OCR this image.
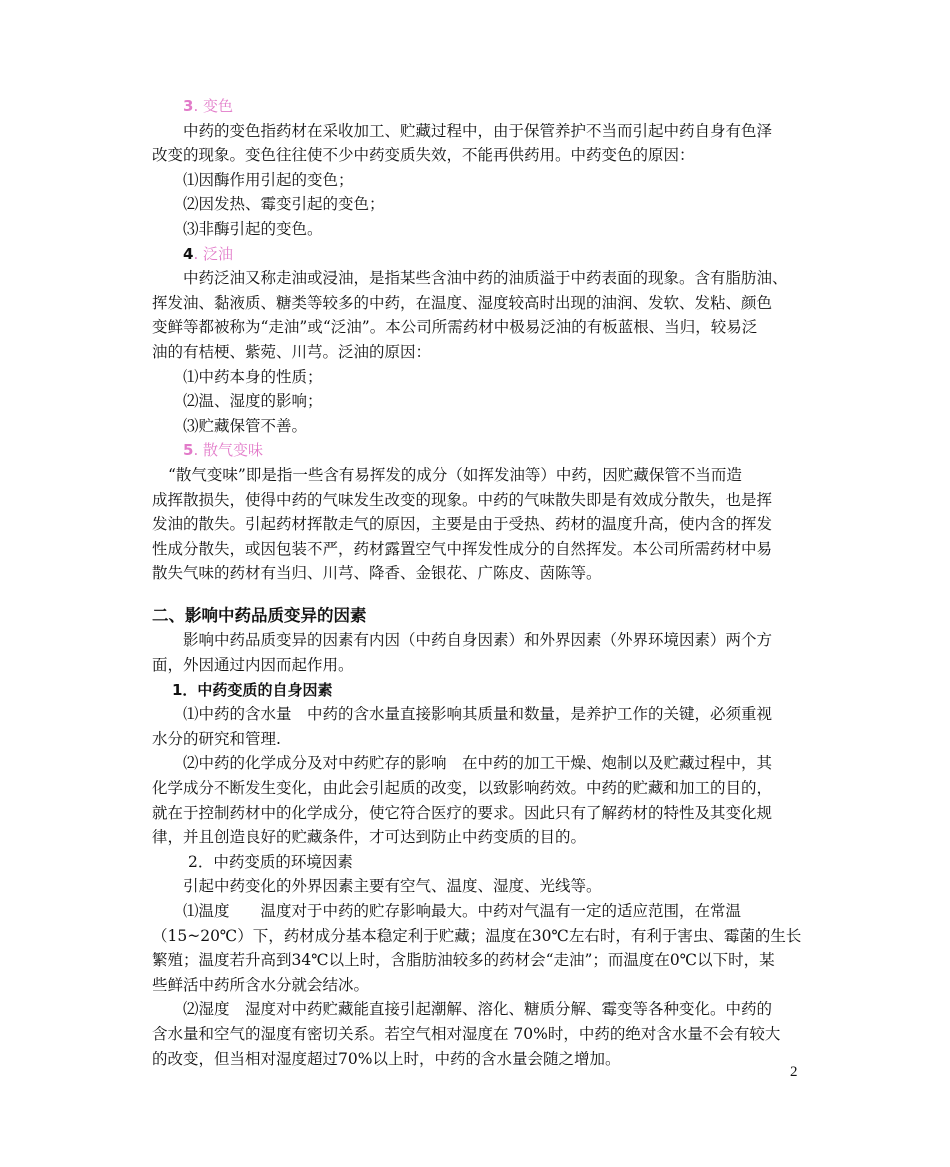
3. 变色
中药的变色指药材在采收加工、贮藏过程中，由于保管养护不当而引起中药自身有色泽
改变的现象。变色往往使不少中药变质失效，不能再供药用。中药变色的原因：
⑴因酶作用引起的变色；
⑵因发热、霉变引起的变色；
⑶非酶引起的变色。
4. 泛油
中药泛油又称走油或浸油，是指某些含油中药的油质溢于中药表面的现象。含有脂肪油、
挥发油、黏液质、糖类等较多的中药，在温度、湿度较高时出现的油润、发软、发粘、颜色
变鲜等都被称为“走油”或“泛油”。本公司所需药材中极易泛油的有板蓝根、当归，较易泛
油的有桔梗、紫菀、川芎。泛油的原因：
⑴中药本身的性质；
⑵温、湿度的影响；
⑶贮藏保管不善。
5. 散气变味
“散气变味”即是指一些含有易挥发的成分（如挥发油等）中药，因贮藏保管不当而造
成挥散损失，使得中药的气味发生改变的现象。中药的气味散失即是有效成分散失，也是挥
发油的散失。引起药材挥散走气的原因，主要是由于受热、药材的温度升高，使内含的挥发
性成分散失，或因包装不严，药材露置空气中挥发性成分的自然挥发。本公司所需药材中易
散失气味的药材有当归、川芎、降香、金银花、广陈皮、茵陈等。
二、影响中药品质变异的因素
影响中药品质变异的因素有内因（中药自身因素）和外界因素（外界环境因素）两个方
面，外因通过内因而起作用。
1．中药变质的自身因素
⑴中药的含水量　中药的含水量直接影响其质量和数量，是养护工作的关键，必须重视
水分的研究和管理.
⑵中药的化学成分及对中药贮存的影响　在中药的加工干燥、炮制以及贮藏过程中，其
化学成分不断发生变化，由此会引起质的改变，以致影响药效。中药的贮藏和加工的目的，
就在于控制药材中的化学成分，使它符合医疗的要求。因此只有了解药材的特性及其变化规
律，并且创造良好的贮藏条件，才可达到防止中药变质的目的。
2．中药变质的环境因素
引起中药变化的外界因素主要有空气、温度、湿度、光线等。
⑴温度　　温度对于中药的贮存影响最大。中药对气温有一定的适应范围，在常温
（15~20℃）下，药材成分基本稳定利于贮藏；温度在30℃左右时，有利于害虫、霉菌的生长
繁殖；温度若升高到34℃以上时，含脂肪油较多的药材会“走油”；而温度在0℃以下时，某
些鲜活中药所含水分就会结冰。
⑵湿度　湿度对中药贮藏能直接引起潮解、溶化、糖质分解、霉变等各种变化。中药的
含水量和空气的湿度有密切关系。若空气相对湿度在 70%时，中药的绝对含水量不会有较大
的改变，但当相对湿度超过70%以上时，中药的含水量会随之增加。
2
